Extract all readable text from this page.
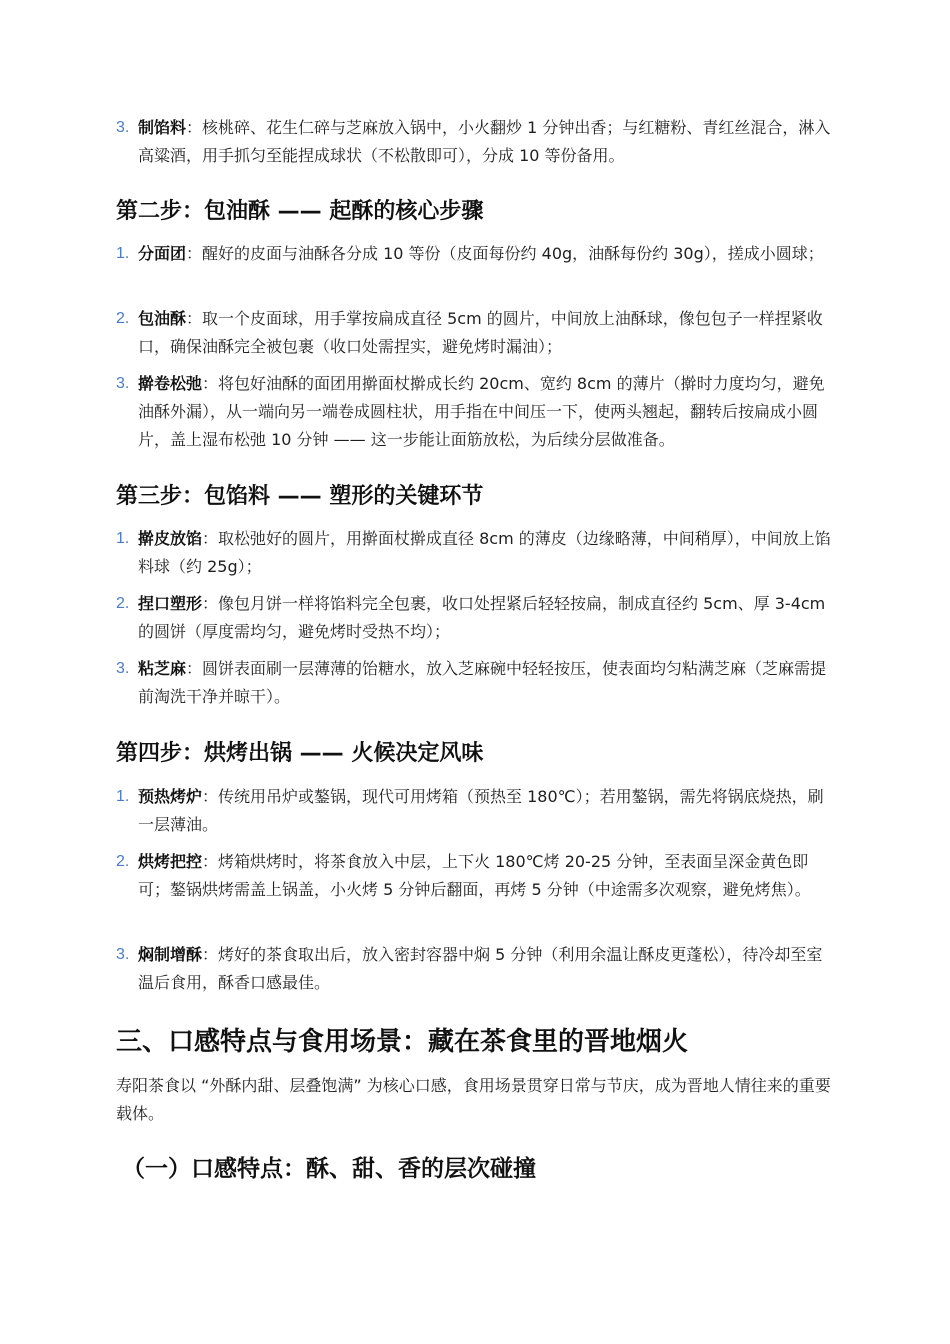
3. 制馅料：核桃碎、花生仁碎与芝麻放入锅中，小火翻炒 1 分钟出香；与红糖粉、青红丝混合，淋入高粱酒，用手抓匀至能捏成球状（不松散即可），分成 10 等份备用。
第二步：包油酥 —— 起酥的核心步骤
1. 分面团：醒好的皮面与油酥各分成 10 等份（皮面每份约 40g，油酥每份约 30g），搓成小圆球；
2. 包油酥：取一个皮面球，用手掌按扁成直径 5cm 的圆片，中间放上油酥球，像包包子一样捏紧收口，确保油酥完全被包裹（收口处需捏实，避免烤时漏油）；
3. 擀卷松弛：将包好油酥的面团用擀面杖擀成长约 20cm、宽约 8cm 的薄片（擀时力度均匀，避免油酥外漏），从一端向另一端卷成圆柱状，用手指在中间压一下，使两头翘起，翻转后按扁成小圆片，盖上湿布松弛 10 分钟 —— 这一步能让面筋放松，为后续分层做准备。
第三步：包馅料 —— 塑形的关键环节
1. 擀皮放馅：取松弛好的圆片，用擀面杖擀成直径 8cm 的薄皮（边缘略薄，中间稍厚），中间放上馅料球（约 25g）；
2. 捏口塑形：像包月饼一样将馅料完全包裹，收口处捏紧后轻轻按扁，制成直径约 5cm、厚 3-4cm 的圆饼（厚度需均匀，避免烤时受热不均）；
3. 粘芝麻：圆饼表面刷一层薄薄的饴糖水，放入芝麻碗中轻轻按压，使表面均匀粘满芝麻（芝麻需提前淘洗干净并晾干）。
第四步：烘烤出锅 —— 火候决定风味
1. 预热烤炉：传统用吊炉或鏊锅，现代可用烤箱（预热至 180℃）；若用鏊锅，需先将锅底烧热，刷一层薄油。
2. 烘烤把控：烤箱烘烤时，将茶食放入中层，上下火 180℃烤 20-25 分钟，至表面呈深金黄色即可；鏊锅烘烤需盖上锅盖，小火烤 5 分钟后翻面，再烤 5 分钟（中途需多次观察，避免烤焦）。
3. 焖制增酥：烤好的茶食取出后，放入密封容器中焖 5 分钟（利用余温让酥皮更蓬松），待冷却至室温后食用，酥香口感最佳。
三、口感特点与食用场景：藏在茶食里的晋地烟火

寿阳茶食以 “外酥内甜、层叠饱满” 为核心口感，食用场景贯穿日常与节庆，成为晋地人情往来的重要载体。

（一）口感特点：酥、甜、香的层次碰撞
